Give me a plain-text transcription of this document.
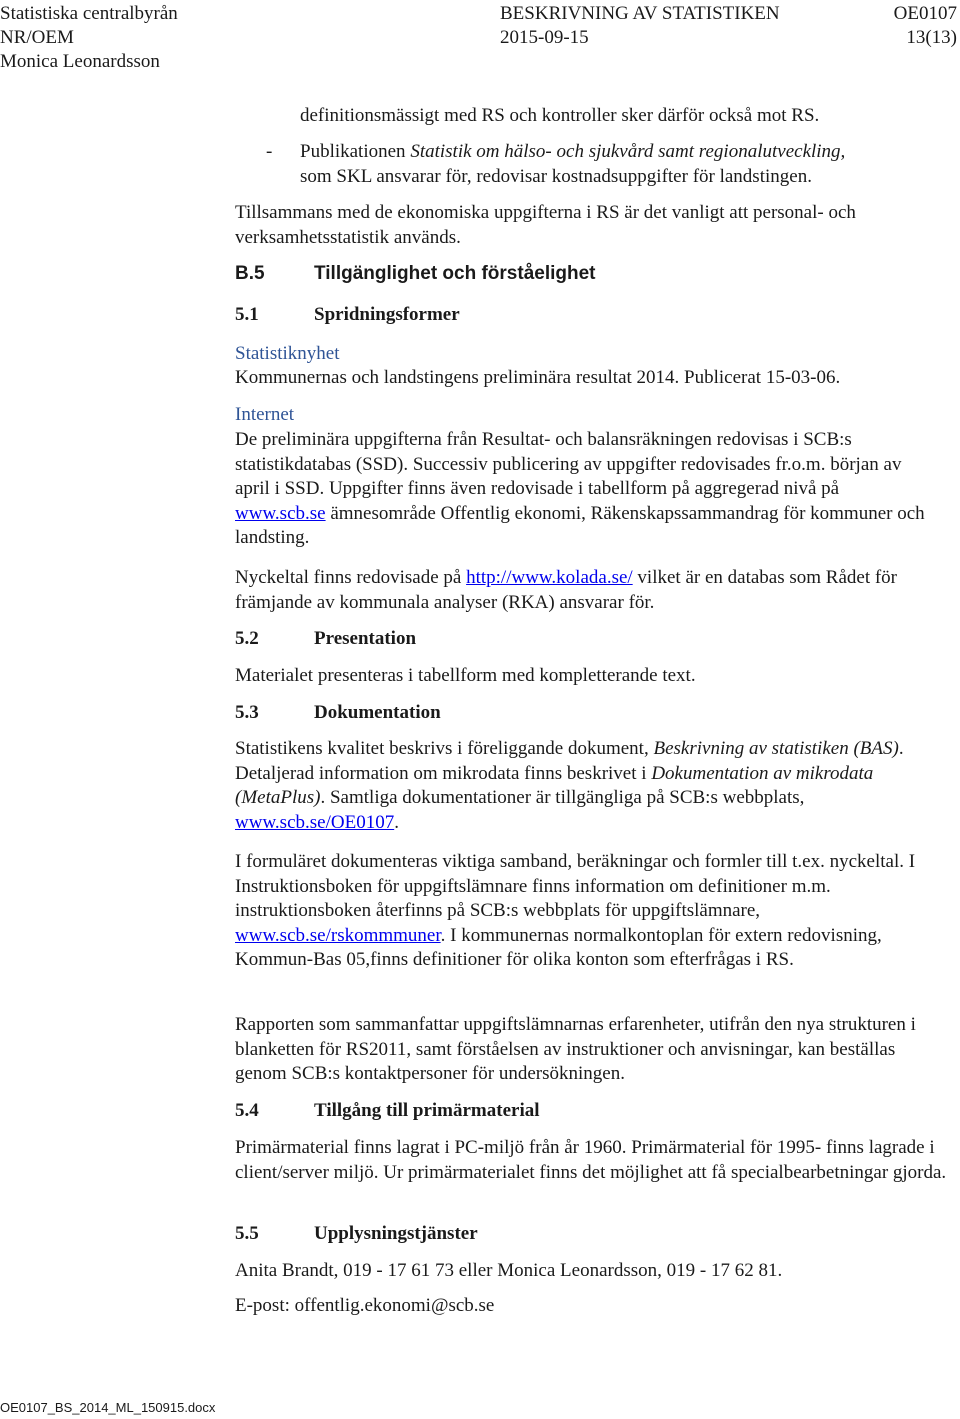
Statistiska centralbyrån	BESKRIVNING AV STATISTIKEN	OE0107
NR/OEM	2015-09-15	13(13)
Monica Leonardsson

definitionsmässigt med RS och kontroller sker därför också mot RS.

- Publikationen Statistik om hälso- och sjukvård samt regionalutveckling,
som SKL ansvarar för, redovisar kostnadsuppgifter för landstingen.

Tillsammans med de ekonomiska uppgifterna i RS är det vanligt att personal- och verksamhetsstatistik används.

B.5	Tillgänglighet och förståelighet
5.1	Spridningsformer
Statistiknyhet

Kommunernas och landstingens preliminära resultat 2014. Publicerat 15-03-06.

Internet

De preliminära uppgifterna från Resultat- och balansräkningen redovisas i SCB:s statistikdatabas (SSD). Successiv publicering av uppgifter redovisades fr.o.m. början av april i SSD. Uppgifter finns även redovisade i tabellform på aggregerad nivå på www.scb.se ämnesområde Offentlig ekonomi, Räkenskapssammandrag för kommuner och landsting.

Nyckeltal finns redovisade på http://www.kolada.se/ vilket är en databas som Rådet för främjande av kommunala analyser (RKA) ansvarar för.

5.2	Presentation

Materialet presenteras i tabellform med kompletterande text.

5.3	Dokumentation

Statistikens kvalitet beskrivs i föreliggande dokument, Beskrivning av statistiken (BAS). Detaljerad information om mikrodata finns beskrivet i Dokumentation av mikrodata (MetaPlus). Samtliga dokumentationer är tillgängliga på SCB:s webbplats, www.scb.se/OE0107.

I formuläret dokumenteras viktiga samband, beräkningar och formler till t.ex. nyckeltal. I Instruktionsboken för uppgiftslämnare finns information om definitioner m.m. instruktionsboken återfinns på SCB:s webbplats för uppgiftslämnare, www.scb.se/rskommmuner. I kommunernas normalkontoplan för extern redovisning, Kommun-Bas 05,finns definitioner för olika konton som efterfrågas i RS.

Rapporten som sammanfattar uppgiftslämnarnas erfarenheter, utifrån den nya strukturen i blanketten för RS2011, samt förståelsen av instruktioner och anvisningar, kan beställas genom SCB:s kontaktpersoner för undersökningen.

5.4	Tillgång till primärmaterial

Primärmaterial finns lagrat i PC-miljö från år 1960. Primärmaterial för 1995- finns lagrade i client/server miljö. Ur primärmaterialet finns det möjlighet att få specialbearbetningar gjorda.

5.5	Upplysningstjänster

Anita Brandt, 019 - 17 61 73 eller Monica Leonardsson, 019 - 17 62 81.

E-post: offentlig.ekonomi@scb.se

OE0107_BS_2014_ML_150915.docx
